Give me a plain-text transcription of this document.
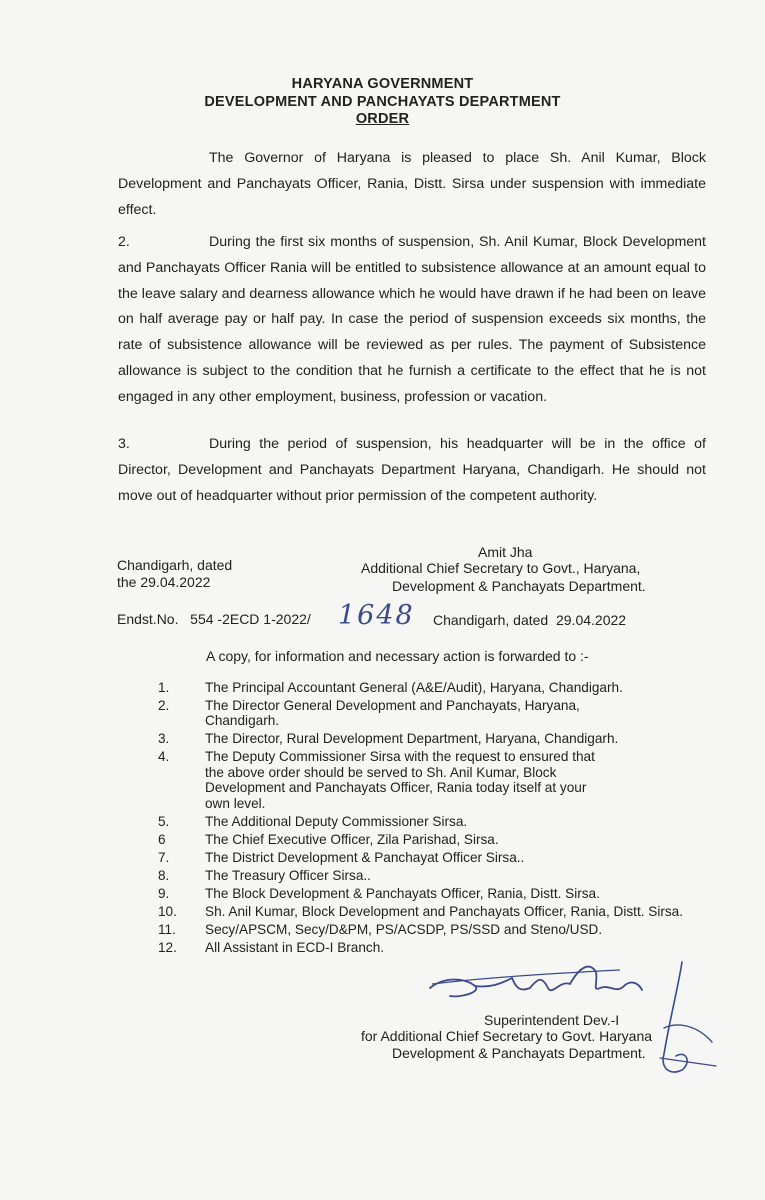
HARYANA GOVERNMENT
DEVELOPMENT AND PANCHAYATS DEPARTMENT
ORDER
The Governor of Haryana is pleased to place Sh. Anil Kumar, Block Development and Panchayats Officer, Rania, Distt. Sirsa under suspension with immediate effect.
2.	During the first six months of suspension, Sh. Anil Kumar, Block Development and Panchayats Officer Rania will be entitled to subsistence allowance at an amount equal to the leave salary and dearness allowance which he would have drawn if he had been on leave on half average pay or half pay. In case the period of suspension exceeds six months, the rate of subsistence allowance will be reviewed as per rules. The payment of Subsistence allowance is subject to the condition that he furnish a certificate to the effect that he is not engaged in any other employment, business, profession or vacation.
3.	During the period of suspension, his headquarter will be in the office of Director, Development and Panchayats Department Haryana, Chandigarh. He should not move out of headquarter without prior permission of the competent authority.
Chandigarh, dated
the 29.04.2022
Amit Jha
Additional Chief Secretary to Govt., Haryana,
Development & Panchayats Department.
Endst.No. 554 -2ECD 1-2022/ 1648 Chandigarh, dated 29.04.2022
A copy, for information and necessary action is forwarded to :-
1.	The Principal Accountant General (A&E/Audit), Haryana, Chandigarh.
2.	The Director General Development and Panchayats, Haryana, Chandigarh.
3.	The Director, Rural Development Department, Haryana, Chandigarh.
4.	The Deputy Commissioner Sirsa with the request to ensured that the above order should be served to Sh. Anil Kumar, Block Development and Panchayats Officer, Rania today itself at your own level.
5.	The Additional Deputy Commissioner Sirsa.
6	The Chief Executive Officer, Zila Parishad, Sirsa.
7.	The District Development & Panchayat Officer Sirsa..
8.	The Treasury Officer Sirsa..
9.	The Block Development & Panchayats Officer, Rania, Distt. Sirsa.
10.	Sh. Anil Kumar, Block Development and Panchayats Officer, Rania, Distt. Sirsa.
11.	Secy/APSCM, Secy/D&PM, PS/ACSDP, PS/SSD and Steno/USD.
12.	All Assistant in ECD-I Branch.
Superintendent Dev.-I
for Additional Chief Secretary to Govt. Haryana
Development & Panchayats Department.
